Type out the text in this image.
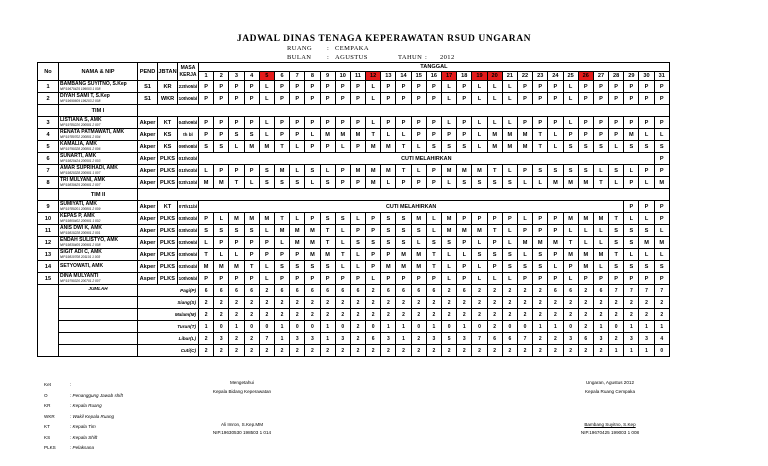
JADWAL DINAS TENAGA KEPERAWATAN RSUD UNGARAN
RUANG : CEMPAKA
BULAN : AGUSTUS	TAHUN : 2012
No	NAMA & NIP	PEND	JBTAN	MASA KERJA	TANGGAL																														
					1	2	3	4	5	6	7	8	9	10	11	12	13	14	15	16	17	18	19	20	21	22	23	24	25	26	27	28	29	30	31
1	BAMBANG SUYITNO, S.Kep
NIP.19670425 199003 1 008	S1	KR	22th05bl	P	P	P	P	L	P	P	P	P	P	P	L	P	P	P	P	L	P	L	L	L	P	P	P	L	P	P	P	P	P	P
2	DIYAH SAMI T, S.Kep
NIP.19690609 199203 2 008	S1	WKR	10th06bl	P	P	P	P	L	P	P	P	P	P	P	L	P	P	P	P	L	P	L	L	L	P	P	P	L	P	P	P	P	P	P
	TIM I																																		
3	LISTIANA S, AMK
NIP.19780220 200501 2 007	Akper	KT	04th09bl	P	P	P	P	L	P	P	P	P	P	P	L	P	P	P	P	L	P	L	L	L	P	P	P	L	P	P	P	P	P	P
4	RENATA PATMAWATI, AMK
NIP.19780702 200801 2 004	Akper	KS	th bl	P	P	S	S	L	P	P	L	M	M	M	T	L	L	P	P	P	P	L	M	M	M	T	L	P	P	P	P	M	L	L
5	KAMALIA, AMK
NIP.19790328 200801 2 006	Akper	KS	09th08bl	S	S	L	M	M	T	L	P	P	L	P	M	M	T	L	S	S	S	L	M	M	M	T	L	S	S	S	L	S	S	S
6	SUNARTI, AMK
NIP.19820424 200501 2 003	Akper	PLKS	01th03bl	CUTI MELAHIRKAN																														P
7	AMAR SUPRIHADI, AMK
NIP.19820328 200901 1 007	Akper	PLKS	01th03bl	L	P	P	P	S	M	L	S	L	P	M	M	M	T	L	P	M	M	M	T	L	P	S	S	S	S	L	S	L	P	P
8	TRI MULYANI, AMK
NIP.19830625 200901 2 007	Akper	PLKS	02th10bl	M	M	T	L	S	S	S	L	S	P	P	M	L	P	P	P	L	S	S	S	S	L	L	M	M	M	T	L	P	L	M
	TIM II																																		
9	SUMIYATI, AMK
NIP.19780201 200801 2 009	Akper	KT	07th11bl	CUTI MELAHIRKAN																												P	P	P
10	KEPAS P, AMK
NIP.19800402 200901 1 002	Akper	PLKS	03th03bl	P	L	M	M	M	T	L	P	S	S	L	P	S	S	M	L	M	P	P	P	P	L	P	P	M	M	M	T	L	L	P
11	ANIS DWI K, AMK
NIP.19810228 200901 2 001	Akper	PLKS	03th03bl	S	S	S	S	L	M	M	M	T	L	P	P	S	S	S	L	M	M	M	T	L	P	P	P	L	L	L	S	S	S	L
12	ENDAH SULISTYO, AMK
NIP.19830405 200901 2 008	Akper	PLKS	02th06bl	L	P	P	P	P	L	M	M	T	L	S	S	S	S	L	S	S	P	L	P	L	M	M	M	T	L	L	S	S	M	M
13	SIGIT ADI C, AMK
NIP.19810708 201101 1 003	Akper	PLKS	03th06bl	T	L	L	P	P	P	P	M	M	T	L	P	P	M	M	T	L	L	S	S	S	L	S	P	M	M	M	T	L	L	L
14	SETYOWATI, AMK	Akper	PLKS	02th04bl	M	M	M	T	L	S	S	S	S	L	L	P	M	M	M	T	L	P	L	P	S	S	S	L	P	M	L	S	S	S	S
15	DINA MULYANTI
NIP.19790320 200701 2 007	Asper	PLKS	10th05bl	P	P	P	P	L	P	P	P	P	P	P	L	P	P	P	P	L	P	L	L	L	P	P	P	L	P	P	P	P	P	P
	JUMLAH	Pagi(P)			6	6	6	6	2	6	6	6	6	6	6	2	6	6	6	6	2	6	2	2	2	2	2	6	6	2	6	7	7	7	7
		Siang(S)			2	2	2	2	2	2	2	2	2	2	2	2	2	2	2	2	2	2	2	2	2	2	2	2	2	2	2	2	2	2	2
		Malam(M)			2	2	2	2	2	2	2	2	2	2	2	2	2	2	2	2	2	2	2	2	2	2	2	2	2	2	2	2	2	2	2
		Turun(T)			1	0	1	0	0	1	0	0	1	0	2	0	1	1	0	1	0	1	0	2	0	0	1	1	0	2	1	0	1	1	1
		Libur(L)			2	3	2	2	7	1	3	3	1	3	2	6	3	1	2	3	5	3	7	6	6	7	2	2	3	6	3	2	3	3	4
		Cuti(C)			2	2	2	2	2	2	2	2	2	2	2	2	2	2	2	2	2	2	2	2	2	2	2	2	2	2	2	1	1	1	0
Ket	:
O	: Penanggung Jawab shift
KR	: Kepala Ruang
WKR	: Wakil Kepala Ruang
KT	: Kepala Tim
KS	: Kepala Shift
PLKS	: Pelaksana
Mengetahui
Kepala Bidang Keperawatan
Ali Imron, S.Kep.MM
NIP.19630530 198503 1 014
Ungaran, Agustus 2012
Kepala Ruang Cempaka
Bambang Suyitno, S.Kep
NIP.19670425 199003 1 008
